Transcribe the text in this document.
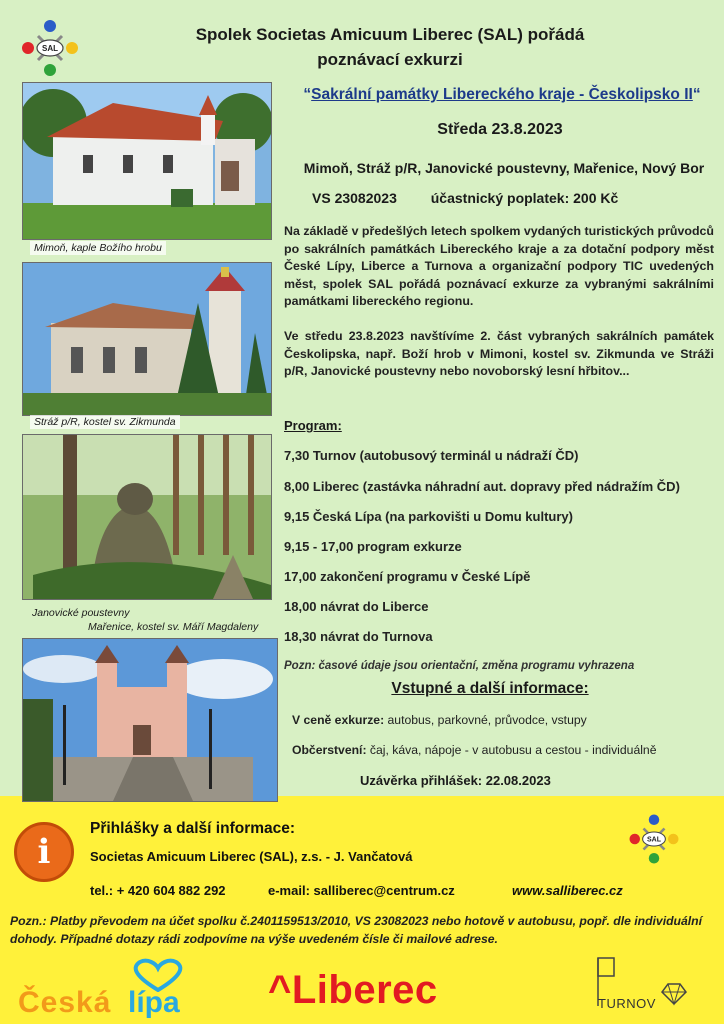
SAL
Spolek Societas Amicuum Liberec (SAL) pořádá
poznávací exkurzi
Mimoň, kaple Božího hrobu
Stráž p/R, kostel sv. Zikmunda
Janovické poustevny
Mařenice, kostel sv. Máří Magdaleny
“Sakrální památky Libereckého kraje - Českolipsko II“
Středa 23.8.2023
Mimoň, Stráž p/R, Janovické poustevny, Mařenice, Nový Bor
VS 23082023 účastnický poplatek: 200 Kč
Na základě v předešlých letech spolkem vydaných turistických průvodců po sakrálních památkách Libereckého kraje a za dotační podpory měst České Lípy, Liberce a Turnova a organizační podpory TIC uvedených měst, spolek SAL pořádá poznávací exkurze za vybranými sakrálními památkami libereckého regionu.
Ve středu 23.8.2023 navštívíme 2. část vybraných sakrálních památek Českolipska, např. Boží hrob v Mimoni, kostel sv. Zikmunda ve Stráži p/R, Janovické poustevny nebo novoborský lesní hřbitov...
Program:
7,30 Turnov (autobusový terminál u nádraží ČD)
8,00 Liberec (zastávka náhradní aut. dopravy před nádražím ČD)
9,15 Česká Lípa (na parkovišti u Domu kultury)
9,15 - 17,00 program exkurze
17,00 zakončení programu v České Lípě
18,00 návrat do Liberce
18,30 návrat do Turnova
Pozn: časové údaje jsou orientační, změna programu vyhrazena
Vstupné a další informace:
V ceně exkurze: autobus, parkovné, průvodce, vstupy
Občerstvení: čaj, káva, nápoje - v autobusu a cestou - individuálně
Uzávěrka přihlášek: 22.08.2023
i
Přihlášky a další informace:
Societas Amicuum Liberec (SAL), z.s. - J. Vančatová
tel.: + 420 604 882 292	e-mail: salliberec@centrum.cz	www.salliberec.cz
SAL
Pozn.: Platby převodem na účet spolku č.2401159513/2010, VS 23082023 nebo hotově v autobusu, popř. dle individuální dohody. Případné dotazy rádi zodpovíme na výše uvedeném čísle či mailové adrese.
Česká lípa ^Liberec	TURNOV
